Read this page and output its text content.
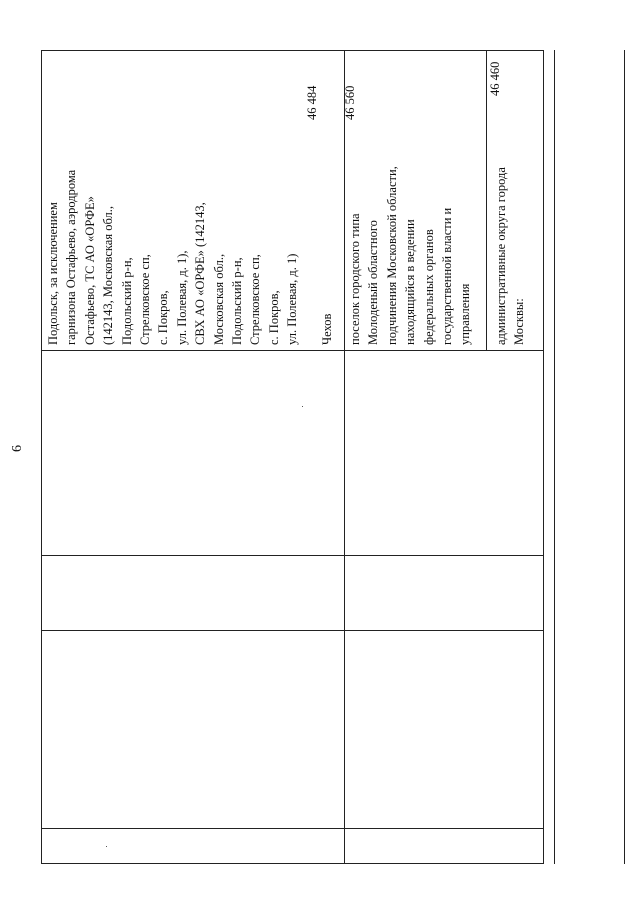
6
46 460
46 484 46 560
Подольск, за исключением гарнизона Остафьево, аэродрома Остафьево, ТС АО «ОРФЕ» (142143, Московская обл., Подольский р-н, Стрелковское сп, с. Покров, ул. Полевая, д. 1), СВХ АО «ОРФЕ» (142143, Московская обл., Подольский р-н, Стрелковское сп, с. Покров, ул. Полевая, д. 1) Чехов поселок городского типа Молоденый областного подчинения Московской области, находящийся в ведении федеральных органов государственной власти и управления административные округа города Москвы:
